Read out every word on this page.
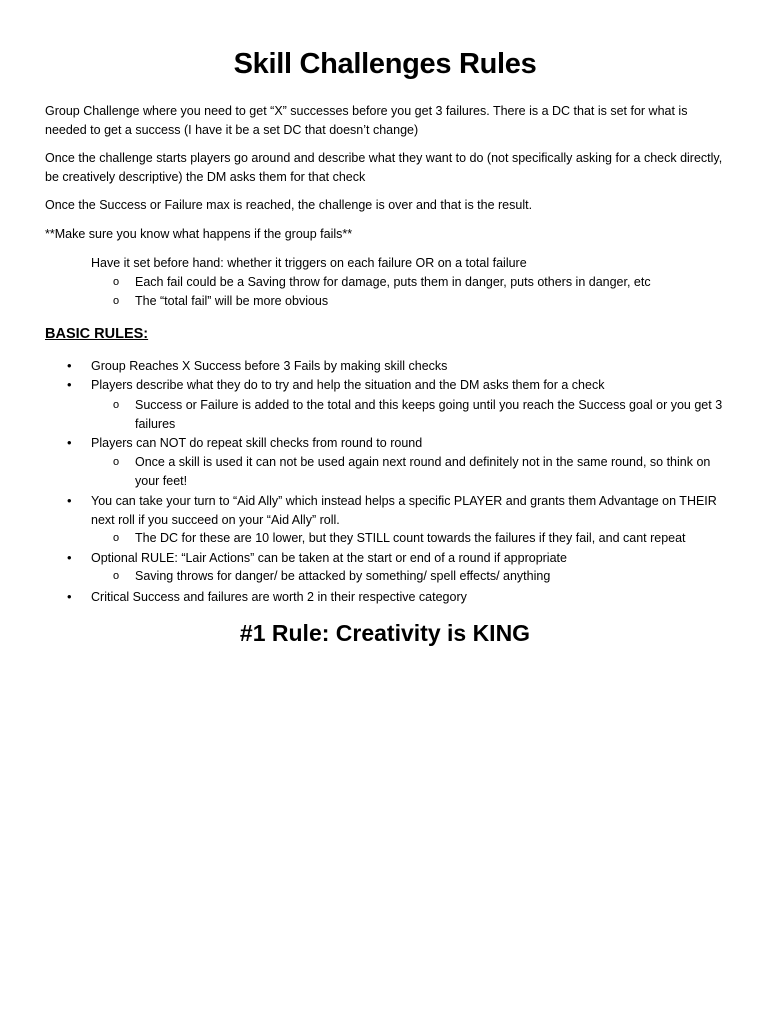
Skill Challenges Rules
Group Challenge where you need to get “X” successes before you get 3 failures. There is a DC that is set for what is needed to get a success (I have it be a set DC that doesn’t change)
Once the challenge starts players go around and describe what they want to do (not specifically asking for a check directly, be creatively descriptive) the DM asks them for that check
Once the Success or Failure max is reached, the challenge is over and that is the result.
**Make sure you know what happens if the group fails**
Have it set before hand: whether it triggers on each failure OR on a total failure
o Each fail could be a Saving throw for damage, puts them in danger, puts others in danger, etc
o The “total fail” will be more obvious
BASIC RULES:
• Group Reaches X Success before 3 Fails by making skill checks
• Players describe what they do to try and help the situation and the DM asks them for a check
o Success or Failure is added to the total and this keeps going until you reach the Success goal or you get 3 failures
• Players can NOT do repeat skill checks from round to round
o Once a skill is used it can not be used again next round and definitely not in the same round, so think on your feet!
• You can take your turn to “Aid Ally” which instead helps a specific PLAYER and grants them Advantage on THEIR next roll if you succeed on your “Aid Ally” roll.
o The DC for these are 10 lower, but they STILL count towards the failures if they fail, and cant repeat
• Optional RULE: “Lair Actions” can be taken at the start or end of a round if appropriate
o Saving throws for danger/ be attacked by something/ spell effects/ anything
• Critical Success and failures are worth 2 in their respective category
#1 Rule: Creativity is KING
